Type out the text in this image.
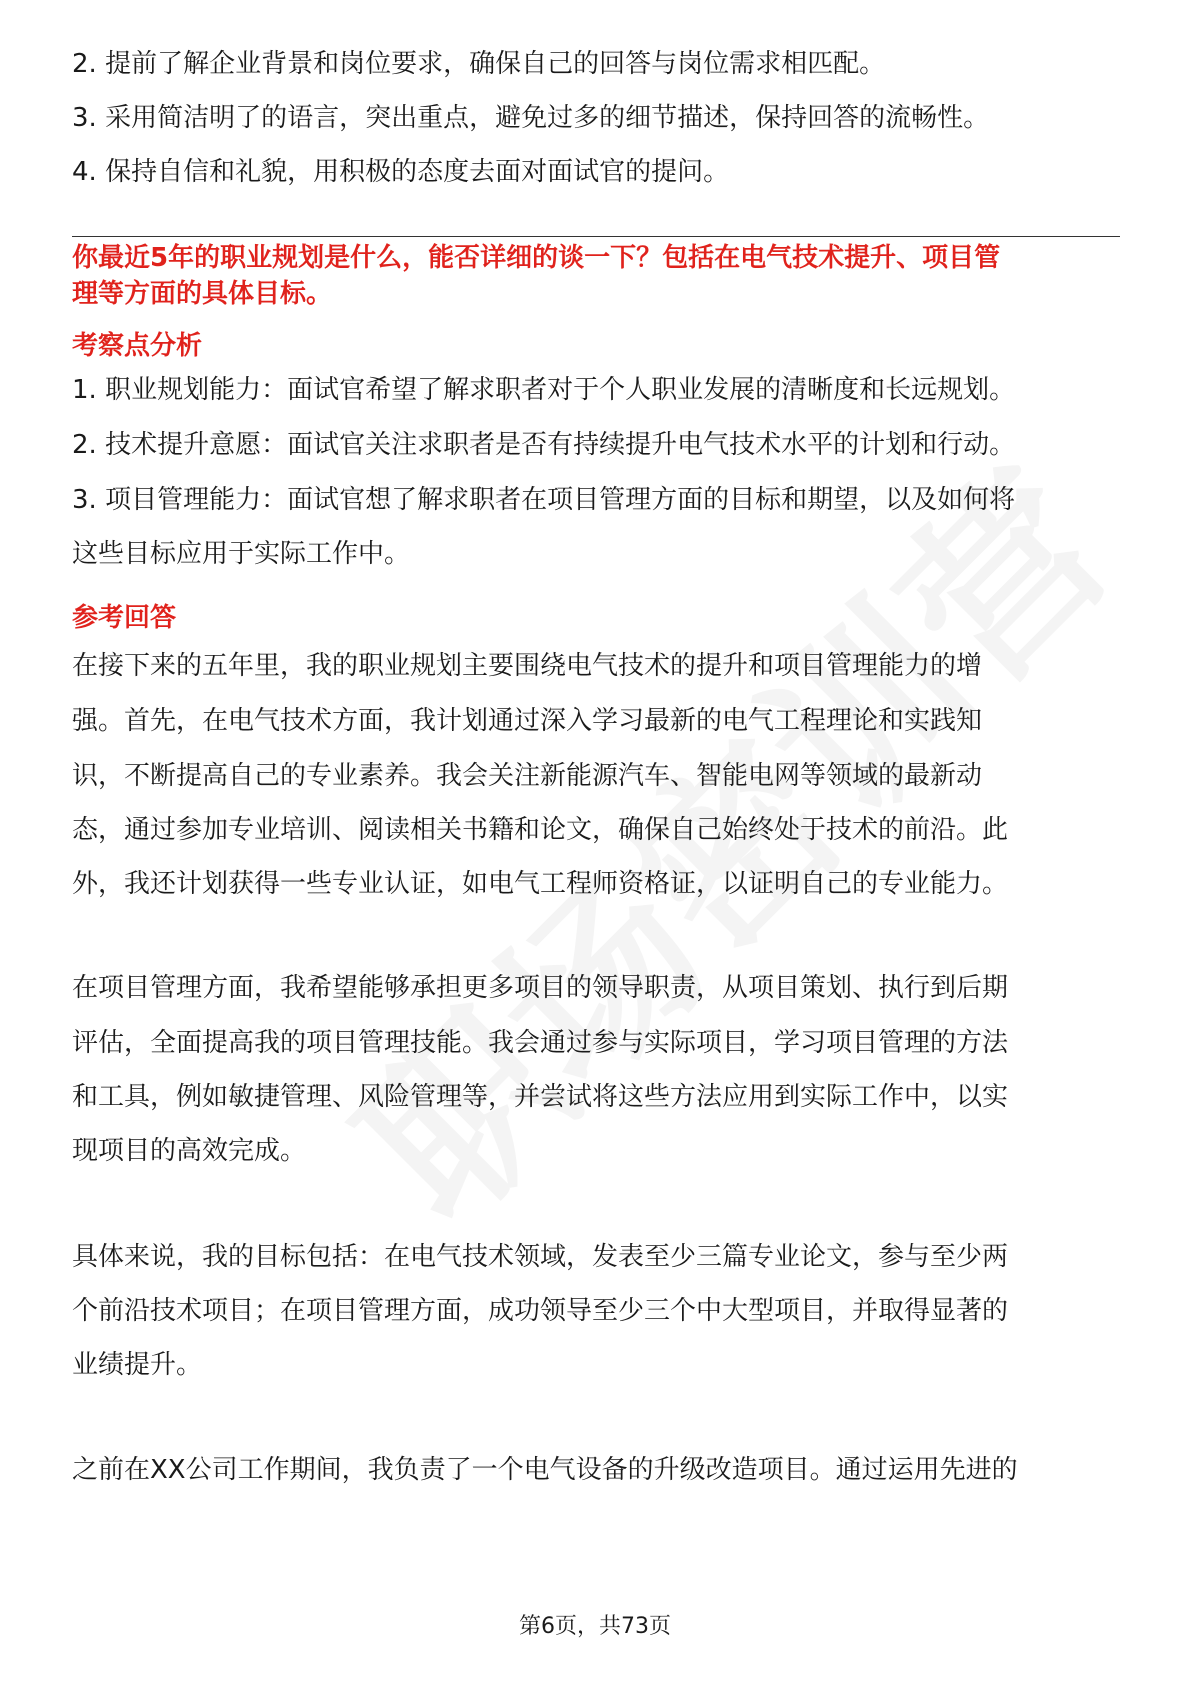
2. 提前了解企业背景和岗位要求，确保自己的回答与岗位需求相匹配。
3. 采用简洁明了的语言，突出重点，避免过多的细节描述，保持回答的流畅性。
4. 保持自信和礼貌，用积极的态度去面对面试官的提问。
你最近5年的职业规划是什么，能否详细的谈一下？包括在电气技术提升、项目管
理等方面的具体目标。
考察点分析
1. 职业规划能力：面试官希望了解求职者对于个人职业发展的清晰度和长远规划。
2. 技术提升意愿：面试官关注求职者是否有持续提升电气技术水平的计划和行动。
3. 项目管理能力：面试官想了解求职者在项目管理方面的目标和期望，以及如何将
这些目标应用于实际工作中。
参考回答
在接下来的五年里，我的职业规划主要围绕电气技术的提升和项目管理能力的增
强。首先，在电气技术方面，我计划通过深入学习最新的电气工程理论和实践知
识，不断提高自己的专业素养。我会关注新能源汽车、智能电网等领域的最新动
态，通过参加专业培训、阅读相关书籍和论文，确保自己始终处于技术的前沿。此
外，我还计划获得一些专业认证，如电气工程师资格证，以证明自己的专业能力。
在项目管理方面，我希望能够承担更多项目的领导职责，从项目策划、执行到后期
评估，全面提高我的项目管理技能。我会通过参与实际项目，学习项目管理的方法
和工具，例如敏捷管理、风险管理等，并尝试将这些方法应用到实际工作中，以实
现项目的高效完成。
具体来说，我的目标包括：在电气技术领域，发表至少三篇专业论文，参与至少两
个前沿技术项目；在项目管理方面，成功领导至少三个中大型项目，并取得显著的
业绩提升。
之前在XX公司工作期间，我负责了一个电气设备的升级改造项目。通过运用先进的
第6页，共73页
